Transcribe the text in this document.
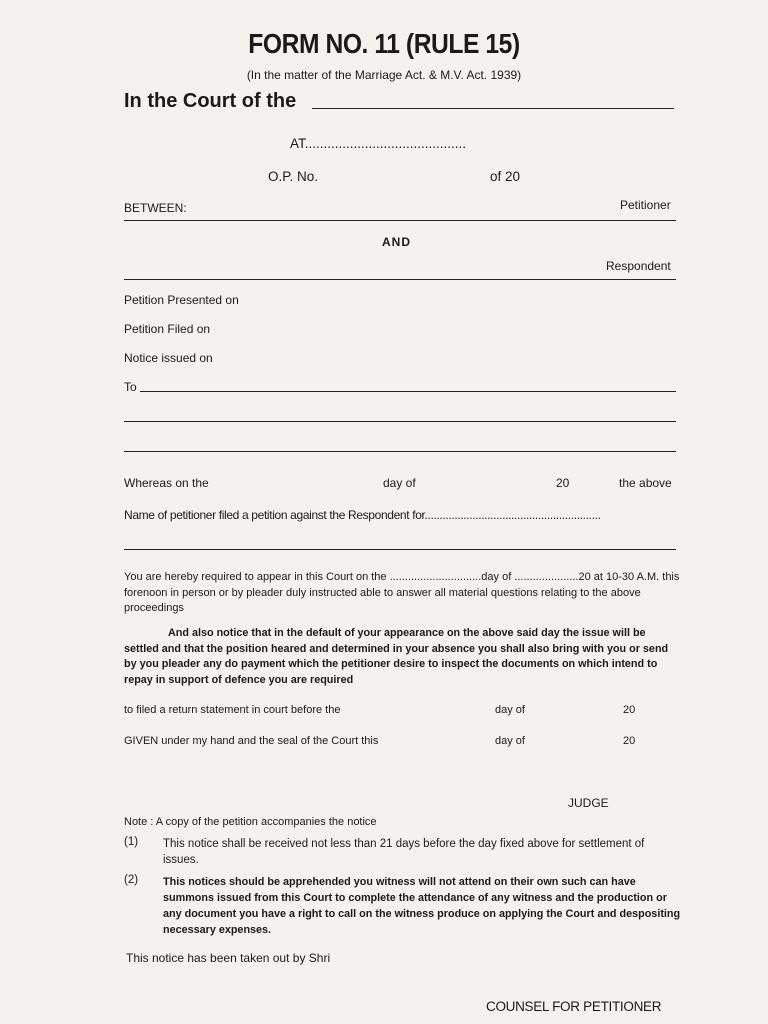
FORM NO. 11 (RULE 15)
(In the matter of the Marriage Act. & M.V. Act. 1939)
In the Court of the
AT...........................................
O.P. No.	of 20
BETWEEN:	Petitioner
AND
Respondent
Petition Presented on
Petition Filed on
Notice issued on
To
Whereas on the	day of	20	the above
Name of petitioner filed a petition against the Respondent for...........................................................
You are hereby required to appear in this Court on the ..............................day of .....................20 at 10-30 A.M. this forenoon in person or by pleader duly instructed able to answer all material questions relating to the above proceedings
And also notice that in the default of your appearance on the above said day the issue will be settled and that the position heared and determined in your absence you shall also bring with you or send by you pleader any do payment which the petitioner desire to inspect the documents on which intend to repay in support of defence you are required
to filed a return statement in court before the	day of	20
GIVEN under my hand and the seal of the Court this	day of	20
JUDGE
Note : A copy of the petition accompanies the notice
(1) This notice shall be received not less than 21 days before the day fixed above for settlement of issues.
(2) This notices should be apprehended you witness will not attend on their own such can have summons issued from this Court to complete the attendance of any witness and the production or any document you have a right to call on the witness produce on applying the Court and despositing necessary expenses.
This notice has been taken out by Shri
COUNSEL FOR PETITIONER
